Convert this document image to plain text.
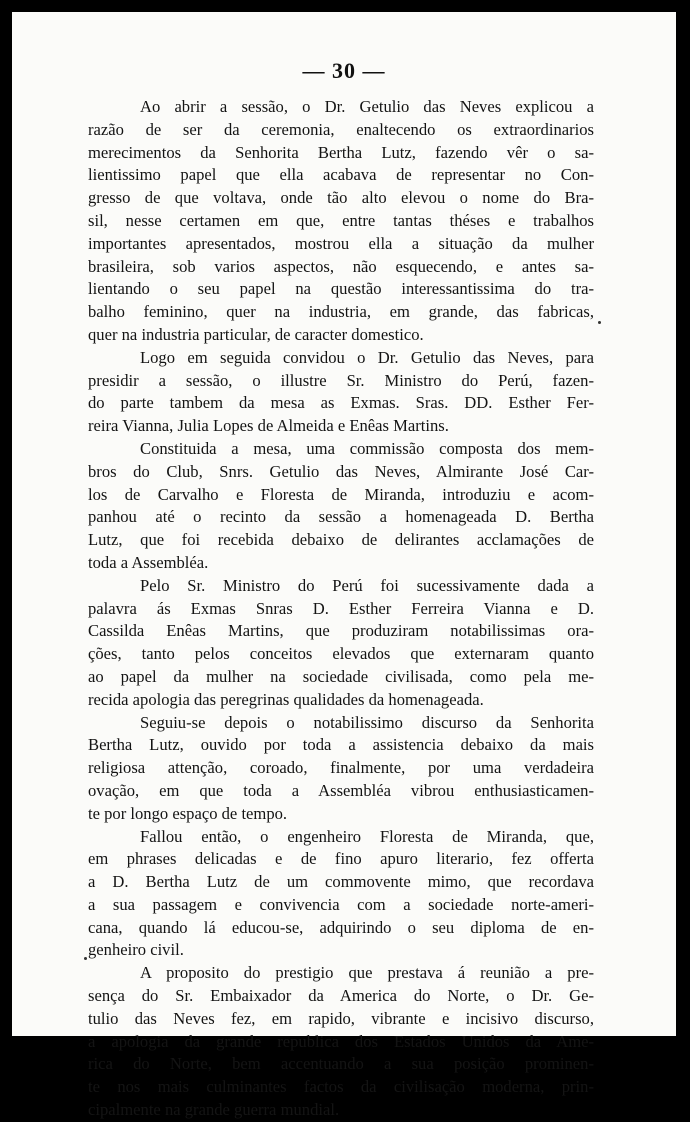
— 30 —
Ao abrir a sessão, o Dr. Getulio das Neves explicou a
razão de ser da ceremonia, enaltecendo os extraordinarios
merecimentos da Senhorita Bertha Lutz, fazendo vêr o sa-
lientissimo papel que ella acabava de representar no Con-
gresso de que voltava, onde tão alto elevou o nome do Bra-
sil, nesse certamen em que, entre tantas théses e trabalhos
importantes apresentados, mostrou ella a situação da mulher
brasileira, sob varios aspectos, não esquecendo, e antes sa-
lientando o seu papel na questão interessantissima do tra-
balho feminino, quer na industria, em grande, das fabricas,
quer na industria particular, de caracter domestico.
Logo em seguida convidou o Dr. Getulio das Neves, para
presidir a sessão, o illustre Sr. Ministro do Perú, fazen-
do parte tambem da mesa as Exmas. Sras. DD. Esther Fer-
reira Vianna, Julia Lopes de Almeida e Enêas Martins.
Constituida a mesa, uma commissão composta dos mem-
bros do Club, Snrs. Getulio das Neves, Almirante José Car-
los de Carvalho e Floresta de Miranda, introduziu e acom-
panhou até o recinto da sessão a homenageada D. Bertha
Lutz, que foi recebida debaixo de delirantes acclamações de
toda a Assembléa.
Pelo Sr. Ministro do Perú foi sucessivamente dada a
palavra ás Exmas Snras D. Esther Ferreira Vianna e D.
Cassilda Enêas Martins, que produziram notabilissimas ora-
ções, tanto pelos conceitos elevados que externaram quanto
ao papel da mulher na sociedade civilisada, como pela me-
recida apologia das peregrinas qualidades da homenageada.
Seguiu-se depois o notabilissimo discurso da Senhorita
Bertha Lutz, ouvido por toda a assistencia debaixo da mais
religiosa attenção, coroado, finalmente, por uma verdadeira
ovação, em que toda a Assembléa vibrou enthusiasticamen-
te por longo espaço de tempo.
Fallou então, o engenheiro Floresta de Miranda, que,
em phrases delicadas e de fino apuro literario, fez offerta
a D. Bertha Lutz de um commovente mimo, que recordava
a sua passagem e convivencia com a sociedade norte-ameri-
cana, quando lá educou-se, adquirindo o seu diploma de en-
genheiro civil.
A proposito do prestigio que prestava á reunião a pre-
sença do Sr. Embaixador da America do Norte, o Dr. Ge-
tulio das Neves fez, em rapido, vibrante e incisivo discurso,
a apologia da grande republica dos Estados Unidos da Ame-
rica do Norte, bem accentuando a sua posição prominen-
te nos mais culminantes factos da civilisação moderna, prin-
cipalmente na grande guerra mundial.
